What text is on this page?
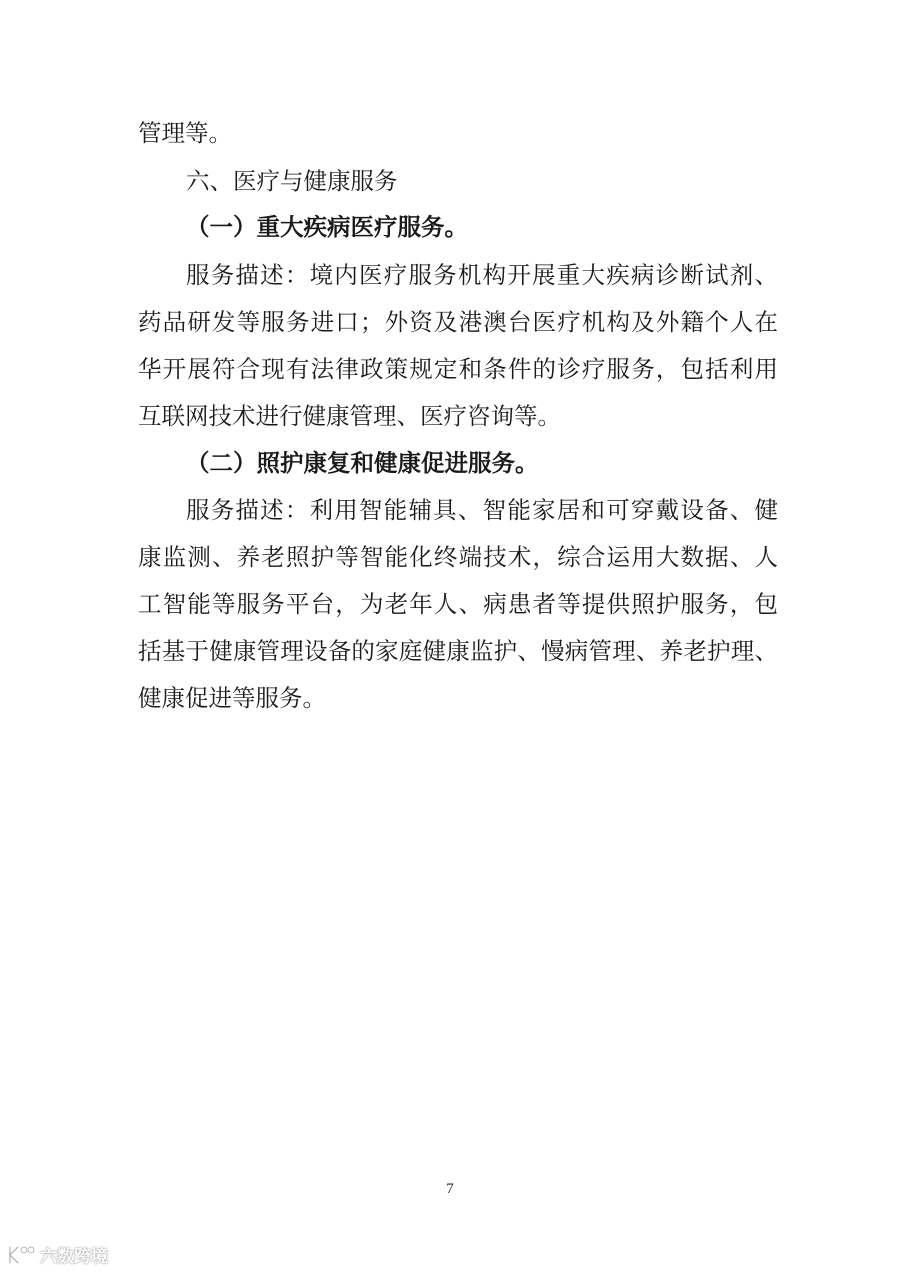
管理等。
六、医疗与健康服务
（一）重大疾病医疗服务。
服务描述：境内医疗服务机构开展重大疾病诊断试剂、
药品研发等服务进口；外资及港澳台医疗机构及外籍个人在
华开展符合现有法律政策规定和条件的诊疗服务，包括利用
互联网技术进行健康管理、医疗咨询等。
（二）照护康复和健康促进服务。
服务描述：利用智能辅具、智能家居和可穿戴设备、健
康监测、养老照护等智能化终端技术，综合运用大数据、人
工智能等服务平台，为老年人、病患者等提供照护服务，包
括基于健康管理设备的家庭健康监护、慢病管理、养老护理、
健康促进等服务。
7
六数跨境
